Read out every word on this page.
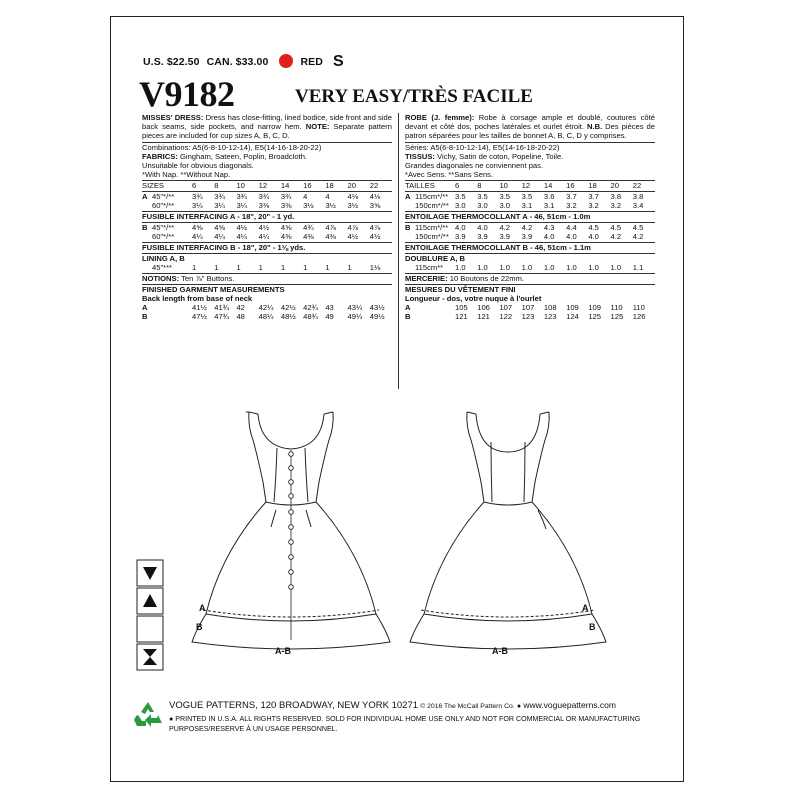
U.S. $22.50 CAN. $33.00	RED S
V9182	VERY EASY/TRÈS FACILE
MISSES' DRESS: Dress has close-fitting, lined bodice, side front and side back seams, side pockets, and narrow hem. NOTE: Separate pattern pieces are included for cup sizes A, B, C, D.
Combinations: A5(6-8-10-12-14), E5(14-16-18-20-22)
FABRICS: Gingham, Sateen, Poplin, Broadcloth.
Unsuitable for obvious diagonals.
*With Nap. **Without Nap.
SIZES	6	8	10	12	14	16	18	20	22
A 45"*/**	3¾	3¾	3¾	3¾	3¾	4	4	4⅛	4⅛
60"*/**	3¼	3¼	3¼	3⅜	3⅜	3½	3½	3½	3⅝
FUSIBLE INTERFACING A - 18", 20" - 1 yd.
B 45"*/**	4⅝	4⅝	4½	4½	4⅝	4¾	4⅞	4⅞	4⅞
60"*/**	4¼	4¼	4¼	4¼	4⅜	4⅜	4⅜	4½	4½
FUSIBLE INTERFACING B - 18", 20" - 1⅛ yds.
LINING A, B
45"***	1	1	1	1	1	1	1	1	1⅛
NOTIONS: Ten ⅞" Buttons.
FINISHED GARMENT MEASUREMENTS
Back length from base of neck
A	41½ 41¾ 42	42¼ 42½ 42¾ 43	43¼ 43½
B	47½ 47¾ 48	48¼ 48½ 48¾ 49	49¼ 49½
ROBE (J. femme): Robe à corsage ample et doublé, coutures côté devant et côté dos, poches latérales et ourlet étroit. N.B. Des pièces de patron séparées pour les tailles de bonnet A, B, C, D y comprises.
Séries: A5(6-8-10-12-14), E5(14-16-18-20-22)
TISSUS: Vichy, Satin de coton, Popeline, Toile.
Grandes diagonales ne conviennent pas.
*Avec Sens. **Sans Sens.
TAILLES	6	8	10	12	14	16	18	20	22
A 115cm*/** 3.5	3.5	3.5	3.5	3.6	3.7	3.7	3.8	3.8
150cm*/** 3.0	3.0	3.0	3.1	3.1	3.2	3.2	3.2	3.4
ENTOILAGE THERMOCOLLANT A - 46, 51cm - 1.0m
B 115cm*/** 4.0	4.0	4.2	4.2	4.3	4.4	4.5	4.5	4.5
150cm*/** 3.9	3.9	3.9	3.9	4.0	4.0	4.0	4.2	4.2
ENTOILAGE THERMOCOLLANT B - 46, 51cm - 1.1m
DOUBLURE A, B
115cm**	1.0	1.0	1.0	1.0	1.0	1.0	1.0	1.0	1.1
MERCERIE: 10 Boutons de 22mm.
MESURES DU VÊTEMENT FINI
Longueur - dos, votre nuque à l'ourlet
A	105	106	107	107	108	109	109	110	110
B	121	121	122	123	123	124	125	125	126
A
B
A-B
A
B
A-B
VOGUE PATTERNS, 120 BROADWAY, NEW YORK 10271 © 2016 The McCall Pattern Co. ● www.voguepatterns.com
● PRINTED IN U.S.A. ALL RIGHTS RESERVED. SOLD FOR INDIVIDUAL HOME USE ONLY AND NOT FOR COMMERCIAL OR MANUFACTURING
PURPOSES/RESERVE À UN USAGE PERSONNEL.
